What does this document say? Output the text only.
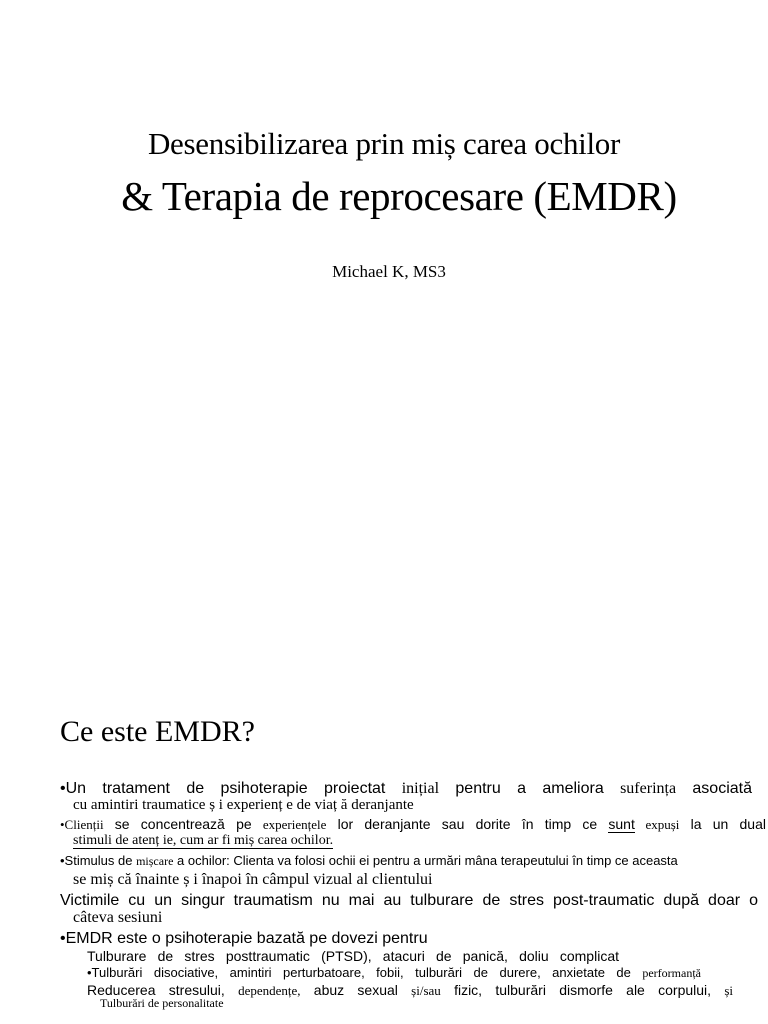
Desensibilizarea prin miș carea ochilor
& Terapia de reprocesare (EMDR)
Michael K, MS3
Ce este EMDR?
•Un tratament de psihoterapie proiectat inițial pentru a ameliora suferința asociată
cu amintiri traumatice ș i experienț e de viaț ă deranjante
•Clienții se concentrează pe experiențele lor deranjante sau dorite în timp ce sunt expuși la un dual
stimuli de atenț ie, cum ar fi miș carea ochilor.
•Stimulus de mișcare a ochilor: Clienta va folosi ochii ei pentru a urmări mâna terapeutului în timp ce aceasta
se miș că înainte ș i înapoi în câmpul vizual al clientului
Victimile cu un singur traumatism nu mai au tulburare de stres post-traumatic după doar o
câteva sesiuni
•EMDR este o psihoterapie bazată pe dovezi pentru
Tulburare de stres posttraumatic (PTSD), atacuri de panică, doliu complicat
•Tulburări disociative, amintiri perturbatoare, fobii, tulburări de durere, anxietate de performanță
Reducerea stresului, dependențe, abuz sexual și/sau fizic, tulburări dismorfe ale corpului, și
Tulburări de personalitate
